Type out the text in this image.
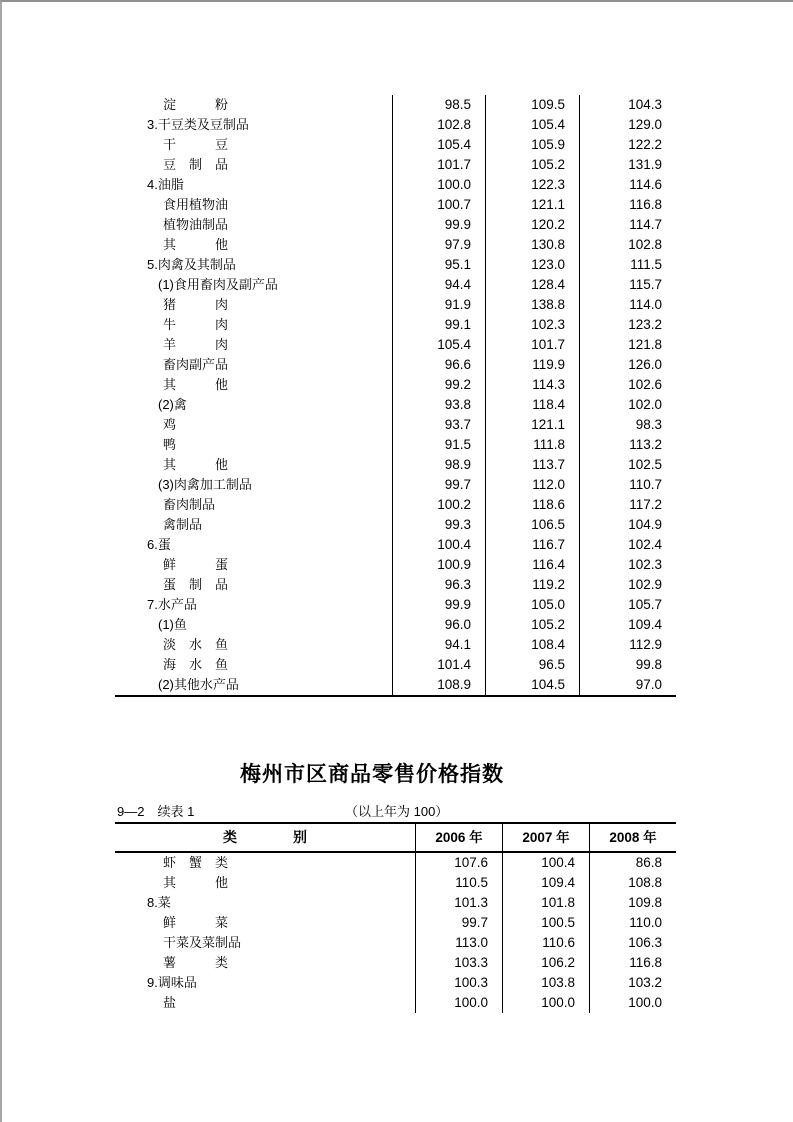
淀　　　粉	98.5	109.5	104.3
3.干豆类及豆制品	102.8	105.4	129.0
干　　　豆	105.4	105.9	122.2
豆　制　品	101.7	105.2	131.9
4.油脂	100.0	122.3	114.6
食用植物油	100.7	121.1	116.8
植物油制品	99.9	120.2	114.7
其　　　他	97.9	130.8	102.8
5.肉禽及其制品	95.1	123.0	111.5
(1)食用畜肉及副产品	94.4	128.4	115.7
猪　　　肉	91.9	138.8	114.0
牛　　　肉	99.1	102.3	123.2
羊　　　肉	105.4	101.7	121.8
畜肉副产品	96.6	119.9	126.0
其　　　他	99.2	114.3	102.6
(2)禽	93.8	118.4	102.0
鸡	93.7	121.1	98.3
鸭	91.5	111.8	113.2
其　　　他	98.9	113.7	102.5
(3)肉禽加工制品	99.7	112.0	110.7
畜肉制品	100.2	118.6	117.2
禽制品	99.3	106.5	104.9
6.蛋	100.4	116.7	102.4
鲜　　　蛋	100.9	116.4	102.3
蛋　制　品	96.3	119.2	102.9
7.水产品	99.9	105.0	105.7
(1)鱼	96.0	105.2	109.4
淡　水　鱼	94.1	108.4	112.9
海　水　鱼	101.4	96.5	99.8
(2)其他水产品	108.9	104.5	97.0
梅州市区商品零售价格指数
9—2　续表 1	（以上年为 100）
类　　　　别	2006 年	2007 年	2008 年
虾　蟹　类	107.6	100.4	86.8
其　　　他	110.5	109.4	108.8
8.菜	101.3	101.8	109.8
鲜　　　菜	99.7	100.5	110.0
干菜及菜制品	113.0	110.6	106.3
薯　　　类	103.3	106.2	116.8
9.调味品	100.3	103.8	103.2
盐	100.0	100.0	100.0
